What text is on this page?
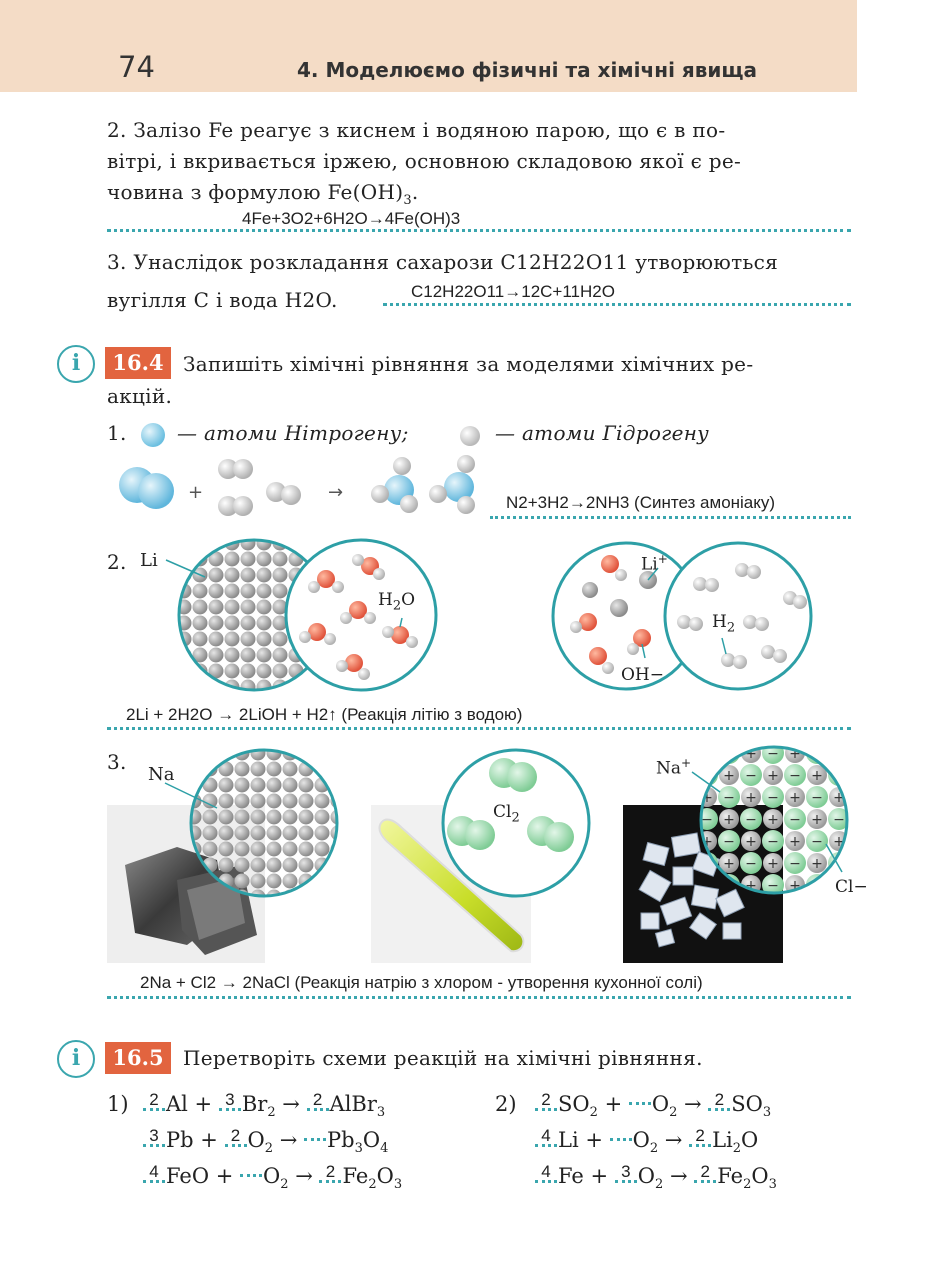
74	4. Моделюємо фізичні та хімічні явища
2. Залізо Fe реагує з киснем і водяною парою, що є в по-
вітрі, і вкривається іржею, основною складовою якої є ре-
човина з формулою $Fe(OH)_3$.
4Fe+3O2+6H2O→4Fe(OH)3
3. Унаслідок розкладання сахарози C12H22O11 утворюються
вугілля C і вода H2O.	C12H22O11→12C+11H2O
i	16.4 Запишіть хімічні рівняння за моделями хімічних ре-
акцій.
1.	— атоми Нітрогену;	— атоми Гідрогену
+	→	N2+3H2→2NH3 (Синтез амоніаку)
2. Li
$H_2O$
Li+
$H_2$
OH−
2Li + 2H2O → 2LiOH + H2↑ (Реакція літію з водою)
3.
Na
$Cl_2$
Na+
Cl−
2Na + Cl2 → 2NaCl (Реакція натрію з хлором - утворення кухонної солі)
i	16.5 Перетворіть схеми реакцій на хімічні рівняння.
1)	2)
2 Al + 3 $Br_2 \to 2$ AlBr$_3$
3 Pb + 2 $O_2 \to Pb_3O_4$
4 FeO + $O_2 \to 2$ $Fe_2O_3$
2 $SO_2 + O_2 \to 2$ $SO_3$
4 $Li + O_2 \to 2$ $Li_2O$
4 Fe + 3 $O_2 \to 2$ $Fe_2O_3$
